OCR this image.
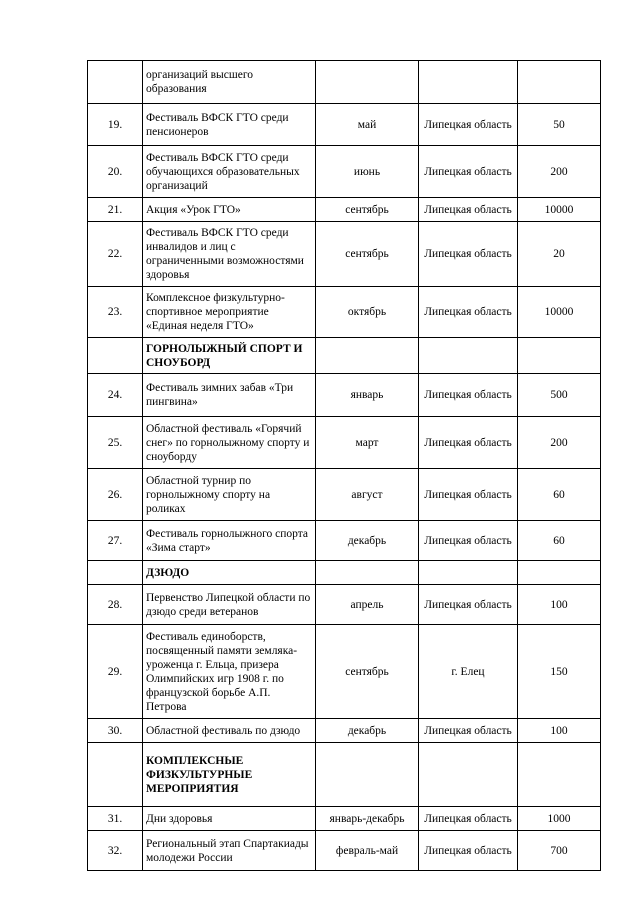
	организаций высшего образования			
19.	Фестиваль ВФСК ГТО среди пенсионеров	май	Липецкая область	50
20.	Фестиваль ВФСК ГТО среди обучающихся образовательных организаций	июнь	Липецкая область	200
21.	Акция «Урок ГТО»	сентябрь	Липецкая область	10000
22.	Фестиваль ВФСК ГТО среди инвалидов и лиц с ограниченными возможностями здоровья	сентябрь	Липецкая область	20
23.	Комплексное физкультурно-спортивное мероприятие «Единая неделя ГТО»	октябрь	Липецкая область	10000
	ГОРНОЛЫЖНЫЙ СПОРТ И СНОУБОРД			
24.	Фестиваль зимних забав «Три пингвина»	январь	Липецкая область	500
25.	Областной фестиваль «Горячий снег» по горнолыжному спорту и сноуборду	март	Липецкая область	200
26.	Областной турнир по горнолыжному спорту на роликах	август	Липецкая область	60
27.	Фестиваль горнолыжного спорта «Зима старт»	декабрь	Липецкая область	60
	ДЗЮДО			
28.	Первенство Липецкой области по дзюдо среди ветеранов	апрель	Липецкая область	100
29.	Фестиваль единоборств, посвященный памяти земляка-уроженца г. Ельца, призера Олимпийских игр 1908 г. по французской борьбе А.П. Петрова	сентябрь	г. Елец	150
30.	Областной фестиваль по дзюдо	декабрь	Липецкая область	100
	КОМПЛЕКСНЫЕ ФИЗКУЛЬТУРНЫЕ МЕРОПРИЯТИЯ			
31.	Дни здоровья	январь-декабрь	Липецкая область	1000
32.	Региональный этап Спартакиады молодежи России	февраль-май	Липецкая область	700
